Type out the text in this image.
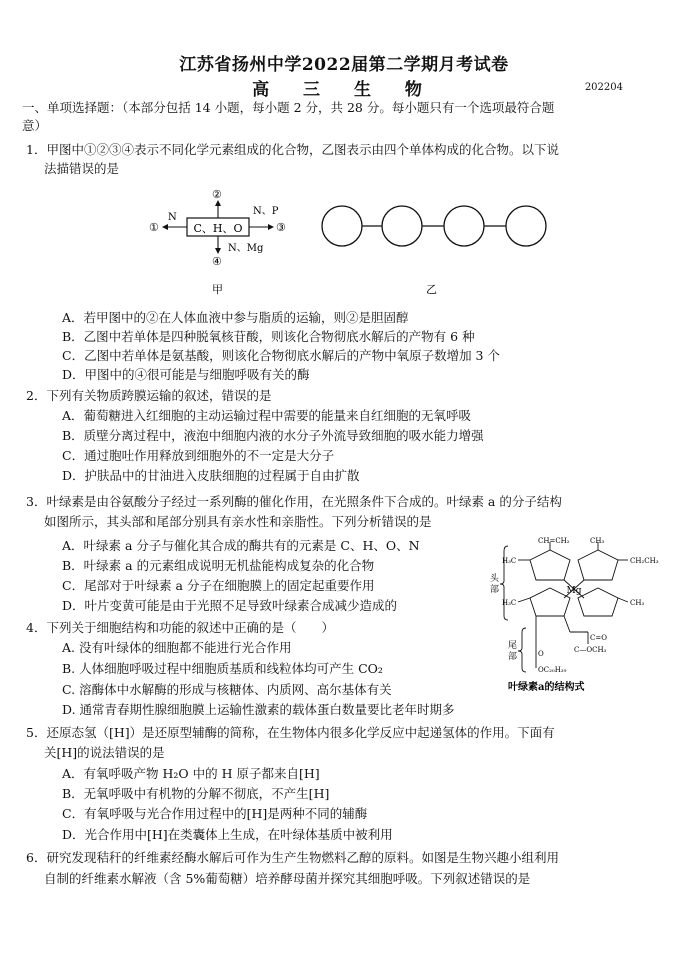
江苏省扬州中学2022届第二学期月考试卷
高 三 生 物	202204
一、单项选择题：（本部分包括 14 小题，每小题 2 分，共 28 分。每小题只有一个选项最符合题
意）
1．甲图中①②③④表示不同化学元素组成的化合物，乙图表示由四个单体构成的化合物。以下说
法描错误的是
C、H、O
①
N
②
③
N、P
④
N、Mg
甲	乙
A．若甲图中的②在人体血液中参与脂质的运输，则②是胆固醇
B．乙图中若单体是四种脱氧核苷酸，则该化合物彻底水解后的产物有 6 种
C．乙图中若单体是氨基酸，则该化合物彻底水解后的产物中氧原子数增加 3 个
D．甲图中的④很可能是与细胞呼吸有关的酶
2．下列有关物质跨膜运输的叙述，错误的是
A．葡萄糖进入红细胞的主动运输过程中需要的能量来自红细胞的无氧呼吸
B．质壁分离过程中，液泡中细胞内液的水分子外流导致细胞的吸水能力增强
C．通过胞吐作用释放到细胞外的不一定是大分子
D．护肤品中的甘油进入皮肤细胞的过程属于自由扩散
3．叶绿素是由谷氨酸分子经过一系列酶的催化作用，在光照条件下合成的。叶绿素 a 的分子结构
如图所示，其头部和尾部分别具有亲水性和亲脂性。下列分析错误的是
A．叶绿素 a 分子与催化其合成的酶共有的元素是 C、H、O、N
B．叶绿素 a 的元素组成说明无机盐能构成复杂的化合物
C．尾部对于叶绿素 a 分子在细胞膜上的固定起重要作用
D．叶片变黄可能是由于光照不足导致叶绿素合成减少造成的
Mg
CH=CH₂	CH₃
CH₂CH₃
H₃C
CH₃
H₃C
C=O
C—OCH₃
O
OC₂₀H₃₉
头
部
尾
部
叶绿素a的结构式
4．下列关于细胞结构和功能的叙述中正确的是（　　）
A. 没有叶绿体的细胞都不能进行光合作用
B. 人体细胞呼吸过程中细胞质基质和线粒体均可产生 CO₂
C. 溶酶体中水解酶的形成与核糖体、内质网、高尔基体有关
D. 通常青春期性腺细胞膜上运输性激素的载体蛋白数量要比老年时期多
5．还原态氢（[H]）是还原型辅酶的简称，在生物体内很多化学反应中起递氢体的作用。下面有
关[H]的说法错误的是
A．有氧呼吸产物 H₂O 中的 H 原子都来自[H]
B．无氧呼吸中有机物的分解不彻底，不产生[H]
C．有氧呼吸与光合作用过程中的[H]是两种不同的辅酶
D．光合作用中[H]在类囊体上生成，在叶绿体基质中被利用
6．研究发现秸秆的纤维素经酶水解后可作为生产生物燃料乙醇的原料。如图是生物兴趣小组利用
自制的纤维素水解液（含 5%葡萄糖）培养酵母菌并探究其细胞呼吸。下列叙述错误的是
